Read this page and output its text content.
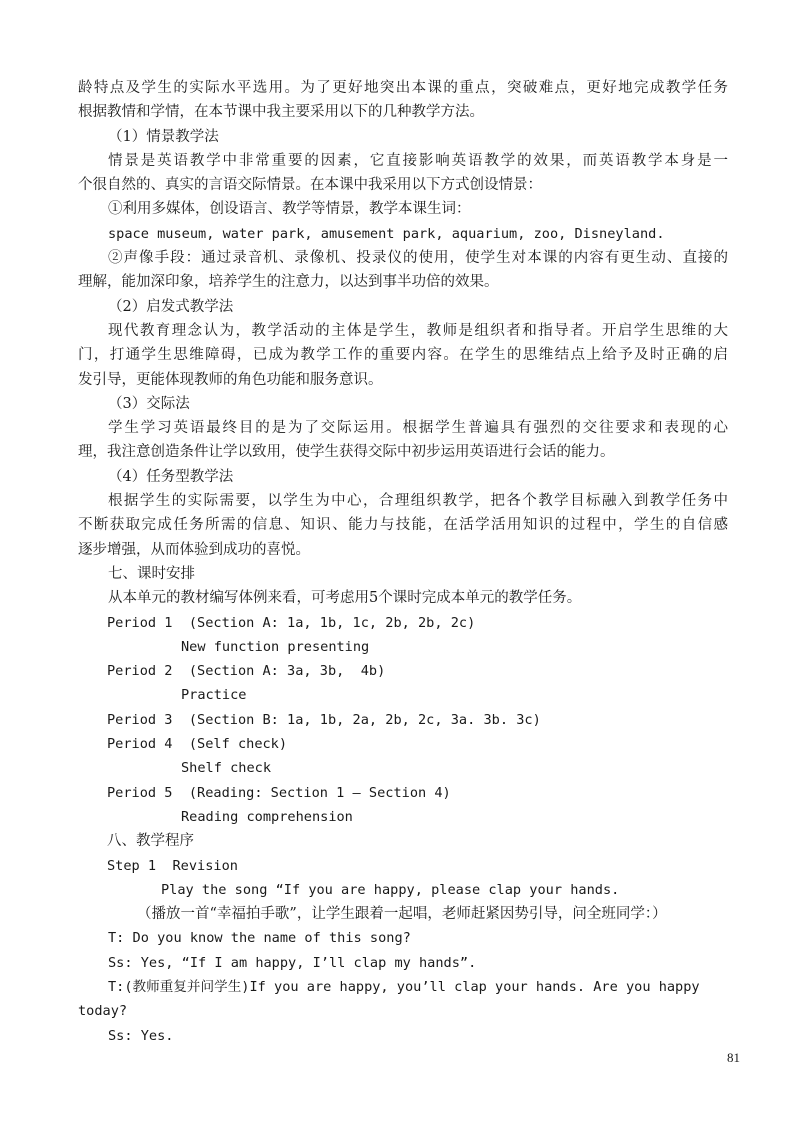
龄特点及学生的实际水平选用。为了更好地突出本课的重点，突破难点，更好地完成教学任务
根据教情和学情，在本节课中我主要采用以下的几种教学方法。
（1）情景教学法
情景是英语教学中非常重要的因素，它直接影响英语教学的效果，而英语教学本身是一
个很自然的、真实的言语交际情景。在本课中我采用以下方式创设情景：
①利用多媒体，创设语言、教学等情景，教学本课生词：
space museum, water park, amusement park, aquarium, zoo, Disneyland.
②声像手段：通过录音机、录像机、投录仪的使用，使学生对本课的内容有更生动、直接的
理解，能加深印象，培养学生的注意力，以达到事半功倍的效果。
（2）启发式教学法
现代教育理念认为，教学活动的主体是学生，教师是组织者和指导者。开启学生思维的大
门，打通学生思维障碍，已成为教学工作的重要内容。在学生的思维结点上给予及时正确的启
发引导，更能体现教师的角色功能和服务意识。
（3）交际法
学生学习英语最终目的是为了交际运用。根据学生普遍具有强烈的交往要求和表现的心
理，我注意创造条件让学以致用，使学生获得交际中初步运用英语进行会话的能力。
（4）任务型教学法
根据学生的实际需要，以学生为中心，合理组织教学，把各个教学目标融入到教学任务中
不断获取完成任务所需的信息、知识、能力与技能，在活学活用知识的过程中，学生的自信感
逐步增强，从而体验到成功的喜悦。
七、课时安排
从本单元的教材编写体例来看，可考虑用5个课时完成本单元的教学任务。
Period 1  (Section A: 1a, 1b, 1c, 2b, 2b, 2c)
New function presenting
Period 2  (Section A: 3a, 3b,  4b)
Practice
Period 3  (Section B: 1a, 1b, 2a, 2b, 2c, 3a. 3b. 3c)
Period 4  (Self check)
Shelf check
Period 5  (Reading: Section 1 — Section 4)
Reading comprehension
八、教学程序
Step 1  Revision
Play the song “If you are happy, please clap your hands.
（播放一首“幸福拍手歌”，让学生跟着一起唱，老师赶紧因势引导，问全班同学：）
T: Do you know the name of this song?
Ss: Yes, “If I am happy, I’ll clap my hands”.
T:(教师重复并问学生)If you are happy, you’ll clap your hands. Are you happy
today?
Ss: Yes.
81
